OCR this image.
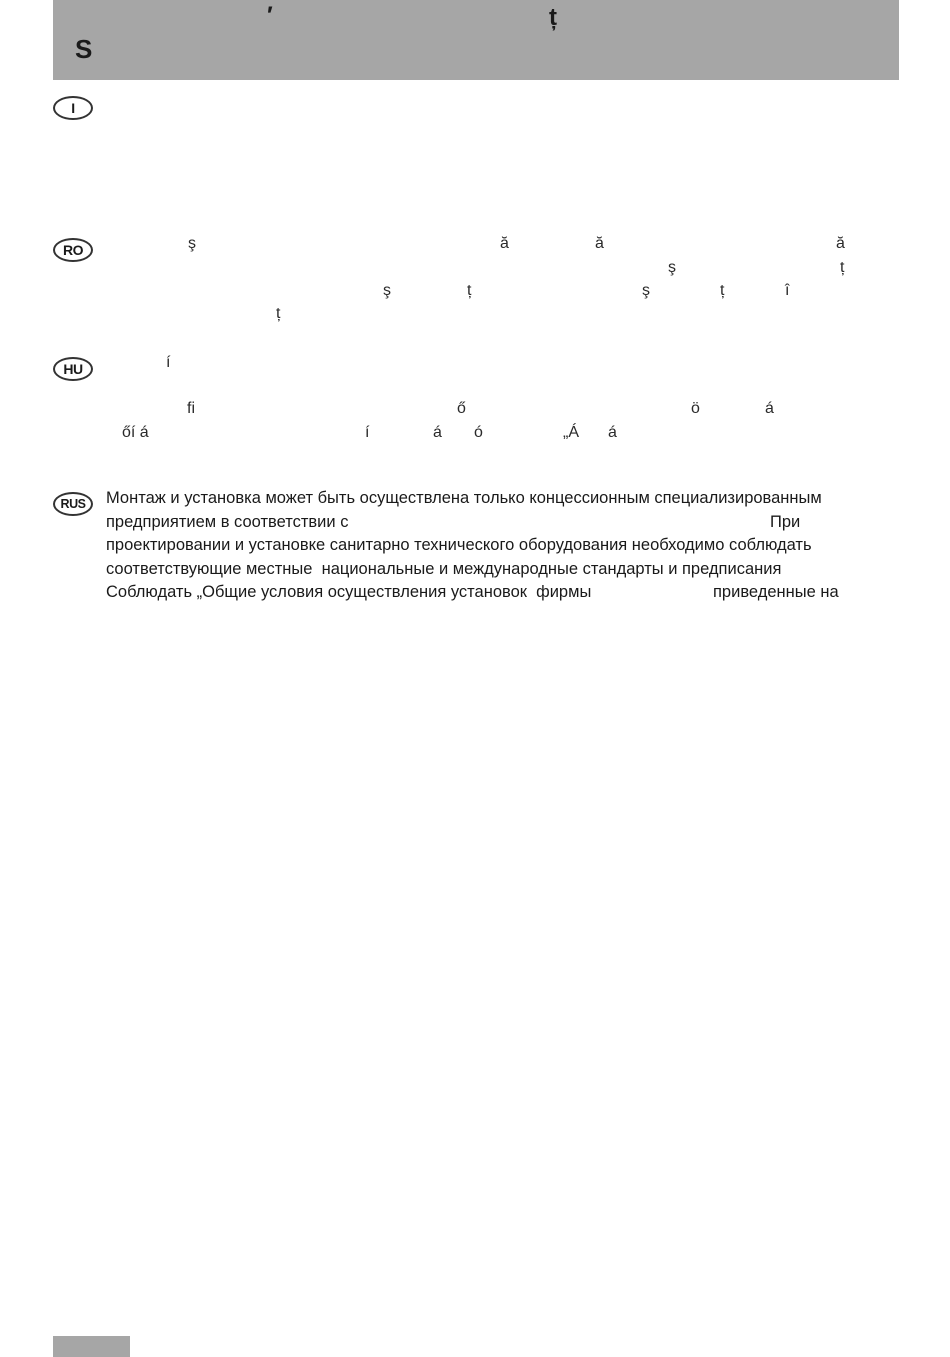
′	ț
S
I
RO	ş	ă	ă	ă
ş	ț
ş	ț	ş	ț	î
ț
HU	í
fi	ő	ö	á
őí á	í	á ó	„Á á
RUS	Монтаж и установка может быть осуществлена только концессионным специализированным
предприятием в соответствии с	При
проектировании и установке санитарно технического оборудования необходимо соблюдать
соответствующие местные  национальные и международные стандарты и предписания
Соблюдать „Общие условия осуществления установок  фирмы	приведенные на
